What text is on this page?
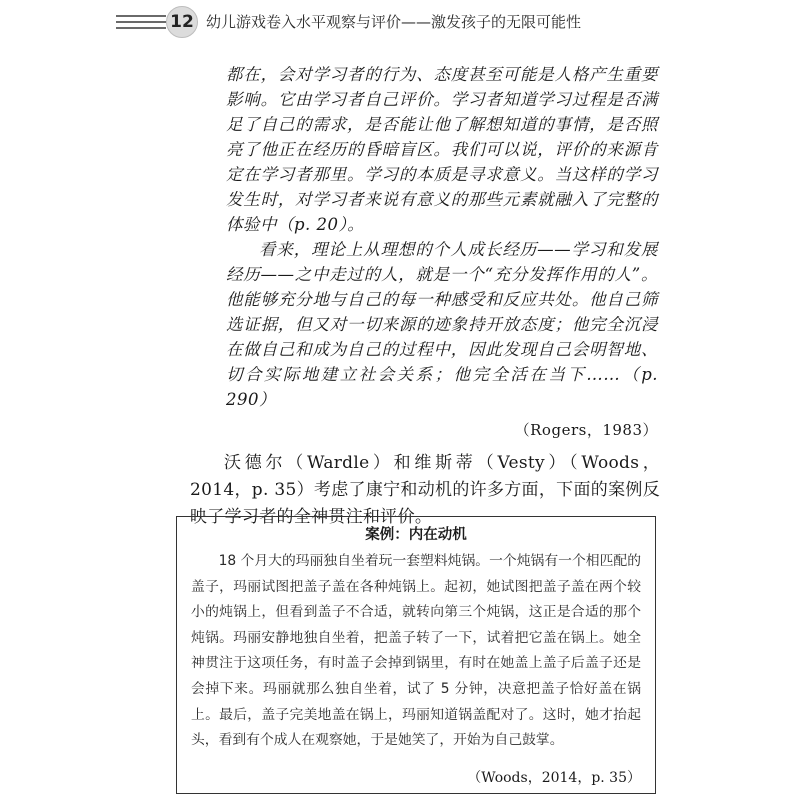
12 幼儿游戏卷入水平观察与评价——激发孩子的无限可能性

都在，会对学习者的行为、态度甚至可能是人格产生重要影响。它由学习者自己评价。学习者知道学习过程是否满足了自己的需求，是否能让他了解想知道的事情，是否照亮了他正在经历的昏暗盲区。我们可以说，评价的来源肯定在学习者那里。学习的本质是寻求意义。当这样的学习发生时，对学习者来说有意义的那些元素就融入了完整的体验中（p. 20）。

看来，理论上从理想的个人成长经历——学习和发展经历——之中走过的人，就是一个“充分发挥作用的人”。他能够充分地与自己的每一种感受和反应共处。他自己筛选证据，但又对一切来源的迹象持开放态度；他完全沉浸在做自己和成为自己的过程中，因此发现自己会明智地、切合实际地建立社会关系；他完全活在当下……（p. 290）

（Rogers，1983）

沃德尔（Wardle）和维斯蒂（Vesty）（Woods，2014，p. 35）考虑了康宁和动机的许多方面，下面的案例反映了学习者的全神贯注和评价。

案例：内在动机

18 个月大的玛丽独自坐着玩一套塑料炖锅。一个炖锅有一个相匹配的盖子，玛丽试图把盖子盖在各种炖锅上。起初，她试图把盖子盖在两个较小的炖锅上，但看到盖子不合适，就转向第三个炖锅，这正是合适的那个炖锅。玛丽安静地独自坐着，把盖子转了一下，试着把它盖在锅上。她全神贯注于这项任务，有时盖子会掉到锅里，有时在她盖上盖子后盖子还是会掉下来。玛丽就那么独自坐着，试了 5 分钟，决意把盖子恰好盖在锅上。最后，盖子完美地盖在锅上，玛丽知道锅盖配对了。这时，她才抬起头，看到有个成人在观察她，于是她笑了，开始为自己鼓掌。

（Woods，2014，p. 35）
